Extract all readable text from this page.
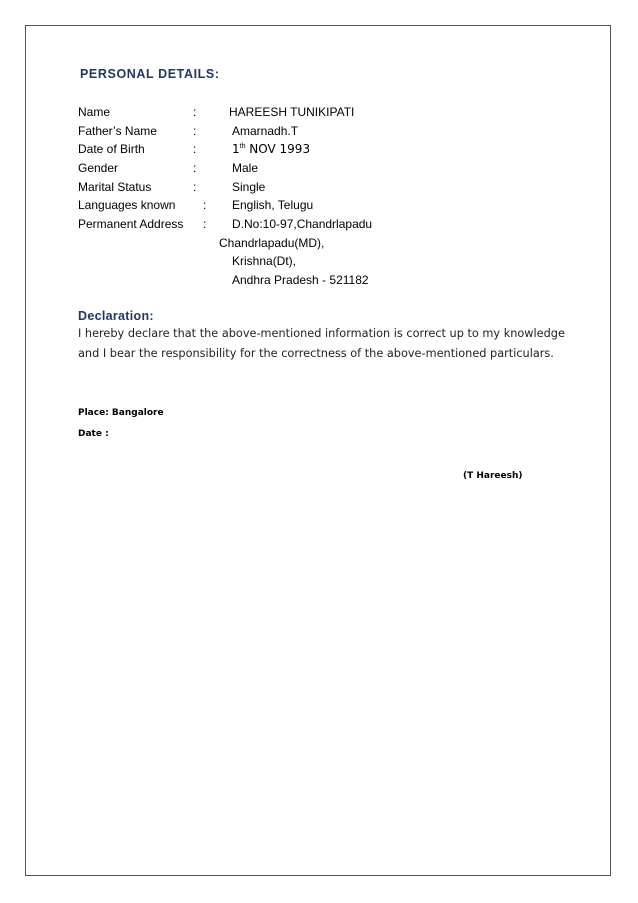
PERSONAL DETAILS:
Name	:	HAREESH TUNIKIPATI
Father’s Name	:	Amarnadh.T
Date of Birth	:	1th NOV 1993
Gender	:	Male
Marital Status	:	Single
Languages known : English, Telugu
Permanent Address : D.No:10-97,Chandrlapadu
Chandrlapadu(MD),
Krishna(Dt),
Andhra Pradesh - 521182
Declaration:
I hereby declare that the above-mentioned information is correct up to my knowledge
and I bear the responsibility for the correctness of the above-mentioned particulars.
Place: Bangalore
Date :
(T Hareesh)
